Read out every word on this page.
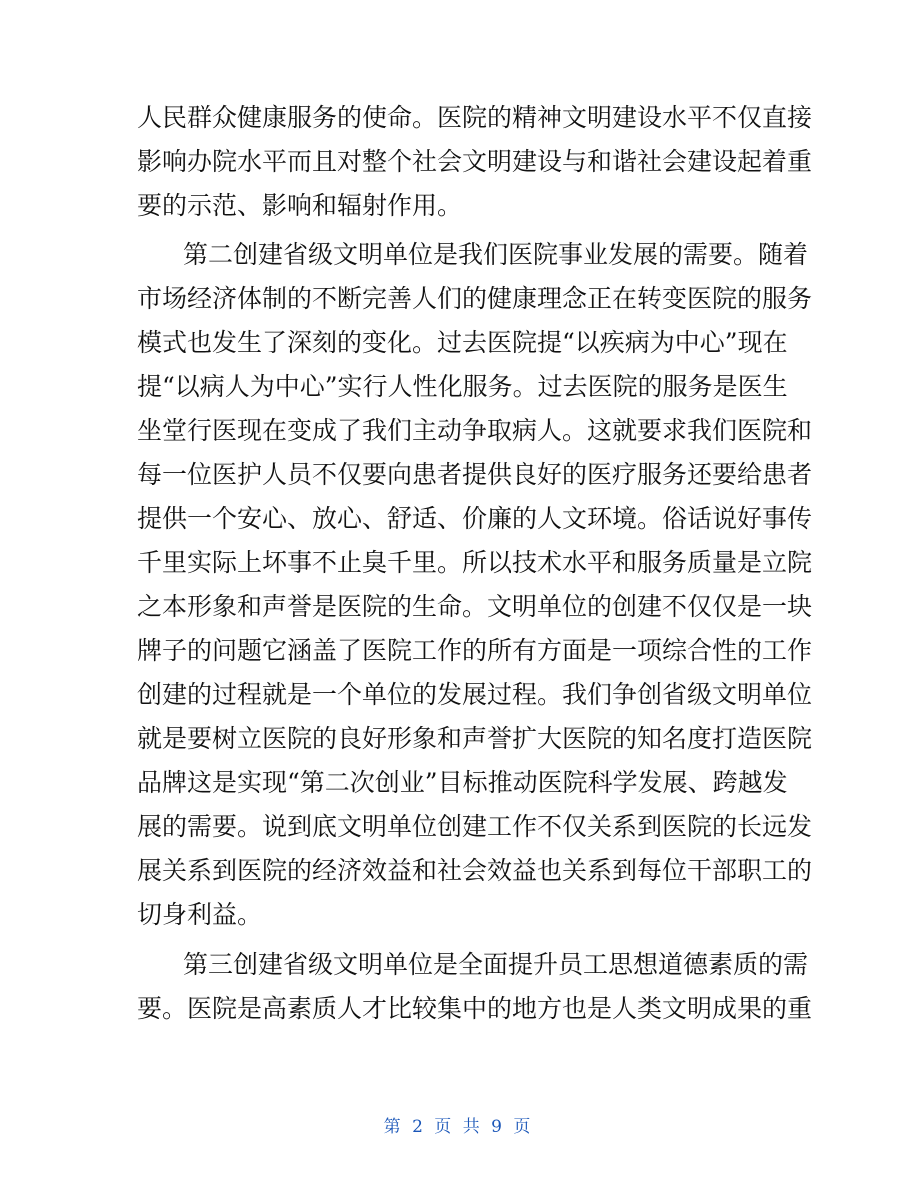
人民群众健康服务的使命。医院的精神文明建设水平不仅直接
影响办院水平而且对整个社会文明建设与和谐社会建设起着重
要的示范、影响和辐射作用。
第二创建省级文明单位是我们医院事业发展的需要。随着
市场经济体制的不断完善人们的健康理念正在转变医院的服务
模式也发生了深刻的变化。过去医院提“以疾病为中心”现在
提“以病人为中心”实行人性化服务。过去医院的服务是医生
坐堂行医现在变成了我们主动争取病人。这就要求我们医院和
每一位医护人员不仅要向患者提供良好的医疗服务还要给患者
提供一个安心、放心、舒适、价廉的人文环境。俗话说好事传
千里实际上坏事不止臭千里。所以技术水平和服务质量是立院
之本形象和声誉是医院的生命。文明单位的创建不仅仅是一块
牌子的问题它涵盖了医院工作的所有方面是一项综合性的工作
创建的过程就是一个单位的发展过程。我们争创省级文明单位
就是要树立医院的良好形象和声誉扩大医院的知名度打造医院
品牌这是实现“第二次创业”目标推动医院科学发展、跨越发
展的需要。说到底文明单位创建工作不仅关系到医院的长远发
展关系到医院的经济效益和社会效益也关系到每位干部职工的
切身利益。
第三创建省级文明单位是全面提升员工思想道德素质的需
要。医院是高素质人才比较集中的地方也是人类文明成果的重
第 2 页 共 9 页
